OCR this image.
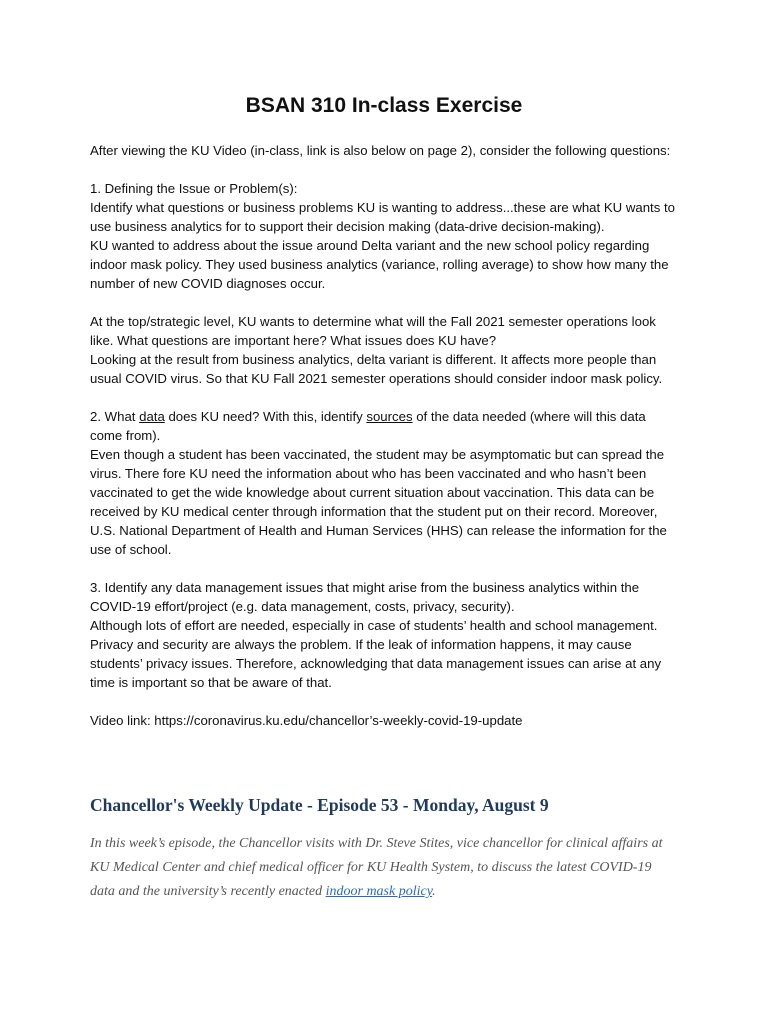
BSAN 310 In-class Exercise

After viewing the KU Video (in-class, link is also below on page 2), consider the following questions:

1. Defining the Issue or Problem(s):

Identify what questions or business problems KU is wanting to address...these are what KU wants to use business analytics for to support their decision making (data-drive decision-making).

KU wanted to address about the issue around Delta variant and the new school policy regarding indoor mask policy. They used business analytics (variance, rolling average) to show how many the number of new COVID diagnoses occur.

At the top/strategic level, KU wants to determine what will the Fall 2021 semester operations look like. What questions are important here? What issues does KU have?

Looking at the result from business analytics, delta variant is different. It affects more people than usual COVID virus. So that KU Fall 2021 semester operations should consider indoor mask policy.

2. What data does KU need? With this, identify sources of the data needed (where will this data come from).

Even though a student has been vaccinated, the student may be asymptomatic but can spread the virus. There fore KU need the information about who has been vaccinated and who hasn’t been vaccinated to get the wide knowledge about current situation about vaccination. This data can be received by KU medical center through information that the student put on their record. Moreover, U.S. National Department of Health and Human Services (HHS) can release the information for the use of school.

3. Identify any data management issues that might arise from the business analytics within the COVID-19 effort/project (e.g. data management, costs, privacy, security).

Although lots of effort are needed, especially in case of students’ health and school management. Privacy and security are always the problem. If the leak of information happens, it may cause students’ privacy issues. Therefore, acknowledging that data management issues can arise at any time is important so that be aware of that.

Video link: https://coronavirus.ku.edu/chancellor’s-weekly-covid-19-update

Chancellor's Weekly Update - Episode 53 - Monday, August 9
In this week’s episode, the Chancellor visits with Dr. Steve Stites, vice chancellor for clinical affairs at KU Medical Center and chief medical officer for KU Health System, to discuss the latest COVID-19 data and the university’s recently enacted indoor mask policy.
